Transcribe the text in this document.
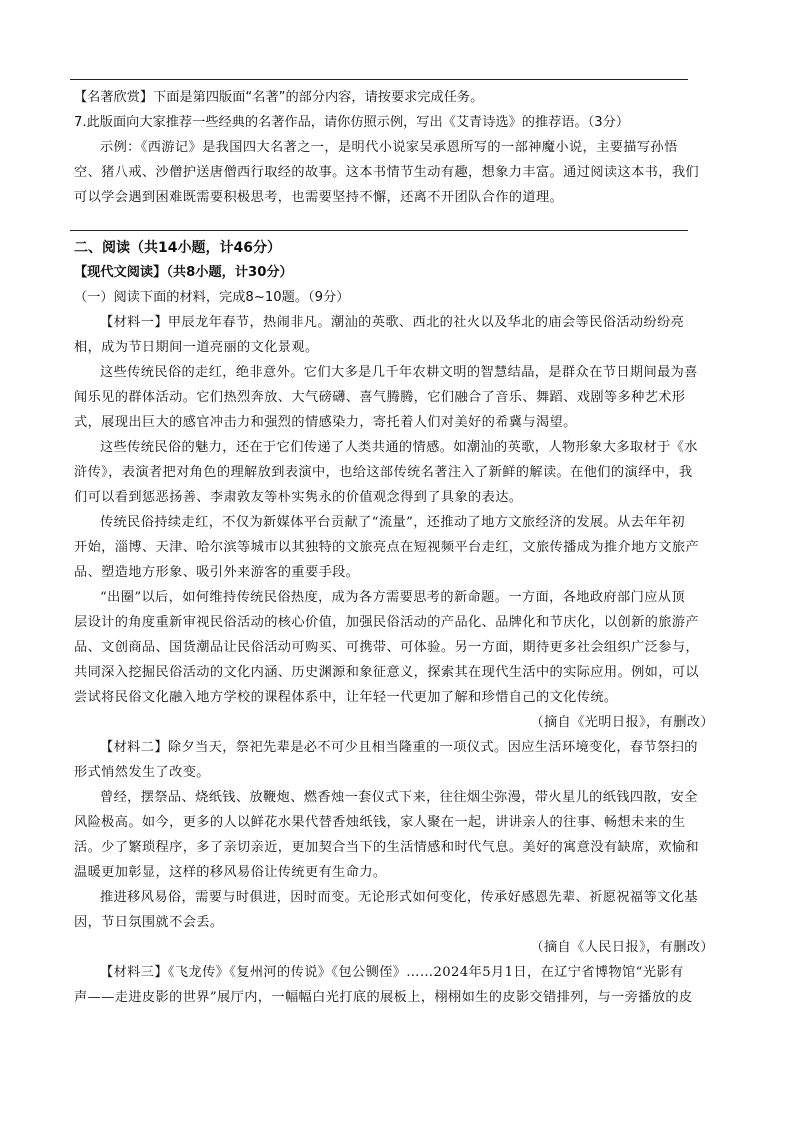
【名著欣赏】下面是第四版面“名著”的部分内容，请按要求完成任务。
7.此版面向大家推荐一些经典的名著作品，请你仿照示例，写出《艾青诗选》的推荐语。（3分）
示例：《西游记》是我国四大名著之一，是明代小说家吴承恩所写的一部神魔小说，主要描写孙悟
空、猪八戒、沙僧护送唐僧西行取经的故事。这本书情节生动有趣，想象力丰富。通过阅读这本书，我们
可以学会遇到困难既需要积极思考，也需要坚持不懈，还离不开团队合作的道理。
二、阅读（共14小题，计46分）
【现代文阅读】（共8小题，计30分）
（一）阅读下面的材料，完成8~10题。（9分）
【材料一】甲辰龙年春节，热闹非凡。潮汕的英歌、西北的社火以及华北的庙会等民俗活动纷纷亮
相，成为节日期间一道亮丽的文化景观。
这些传统民俗的走红，绝非意外。它们大多是几千年农耕文明的智慧结晶，是群众在节日期间最为喜
闻乐见的群体活动。它们热烈奔放、大气磅礴、喜气腾腾，它们融合了音乐、舞蹈、戏剧等多种艺术形
式，展现出巨大的感官冲击力和强烈的情感染力，寄托着人们对美好的希冀与渴望。
这些传统民俗的魅力，还在于它们传递了人类共通的情感。如潮汕的英歌，人物形象大多取材于《水
浒传》，表演者把对角色的理解放到表演中，也给这部传统名著注入了新鲜的解读。在他们的演绎中，我
们可以看到惩恶扬善、李肃敦友等朴实隽永的价值观念得到了具象的表达。
传统民俗持续走红，不仅为新媒体平台贡献了“流量”，还推动了地方文旅经济的发展。从去年年初
开始，淄博、天津、哈尔滨等城市以其独特的文旅亮点在短视频平台走红，文旅传播成为推介地方文旅产
品、塑造地方形象、吸引外来游客的重要手段。
“出圈”以后，如何维持传统民俗热度，成为各方需要思考的新命题。一方面，各地政府部门应从顶
层设计的角度重新审视民俗活动的核心价值，加强民俗活动的产品化、品牌化和节庆化，以创新的旅游产
品、文创商品、国货潮品让民俗活动可购买、可携带、可体验。另一方面，期待更多社会组织广泛参与，
共同深入挖掘民俗活动的文化内涵、历史渊源和象征意义，探索其在现代生活中的实际应用。例如，可以
尝试将民俗文化融入地方学校的课程体系中，让年轻一代更加了解和珍惜自己的文化传统。
（摘自《光明日报》，有删改）
【材料二】除夕当天，祭祀先辈是必不可少且相当隆重的一项仪式。因应生活环境变化，春节祭扫的
形式悄然发生了改变。
曾经，摆祭品、烧纸钱、放鞭炮、燃香烛一套仪式下来，往往烟尘弥漫，带火星儿的纸钱四散，安全
风险极高。如今，更多的人以鲜花水果代替香烛纸钱，家人聚在一起，讲讲亲人的往事、畅想未来的生
活。少了繁琐程序，多了亲切亲近，更加契合当下的生活情感和时代气息。美好的寓意没有缺席，欢愉和
温暖更加彰显，这样的移风易俗让传统更有生命力。
推进移风易俗，需要与时俱进，因时而变。无论形式如何变化，传承好感恩先辈、祈愿祝福等文化基
因，节日氛围就不会丢。
（摘自《人民日报》，有删改）
【材料三】《飞龙传》《复州河的传说》《包公铡侄》……2024年5月1日，在辽宁省博物馆“光影有
声——走进皮影的世界”展厅内，一幅幅白光打底的展板上，栩栩如生的皮影交错排列，与一旁播放的皮
